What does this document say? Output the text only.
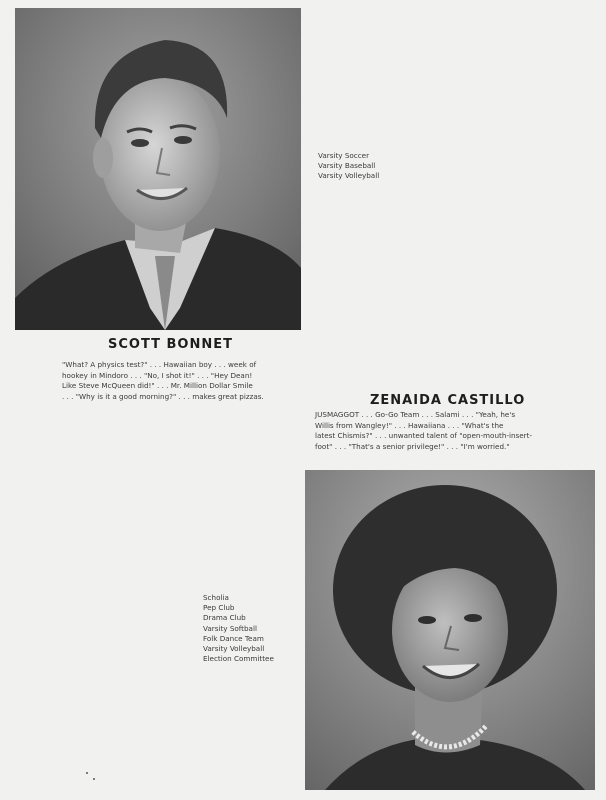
SCOTT BONNET
"What? A physics test?" . . . Hawaiian boy . . . week of
hookey in Mindoro . . . "No, I shot it!" . . . "Hey Dean!
Like Steve McQueen did!" . . . Mr. Million Dollar Smile
. . . "Why is it a good morning?" . . . makes great pizzas.
Varsity Soccer
Varsity Baseball
Varsity Volleyball
ZENAIDA CASTILLO
JUSMAGGOT . . . Go-Go Team . . . Salami . . . "Yeah, he's
Willis from Wangley!" . . . Hawaiiana . . . "What's the
latest Chismis?" . . . unwanted talent of "open-mouth-insert-
foot" . . . "That's a senior privilege!" . . . "I'm worried."
Scholia
Pep Club
Drama Club
Varsity Softball
Folk Dance Team
Varsity Volleyball
Election Committee
